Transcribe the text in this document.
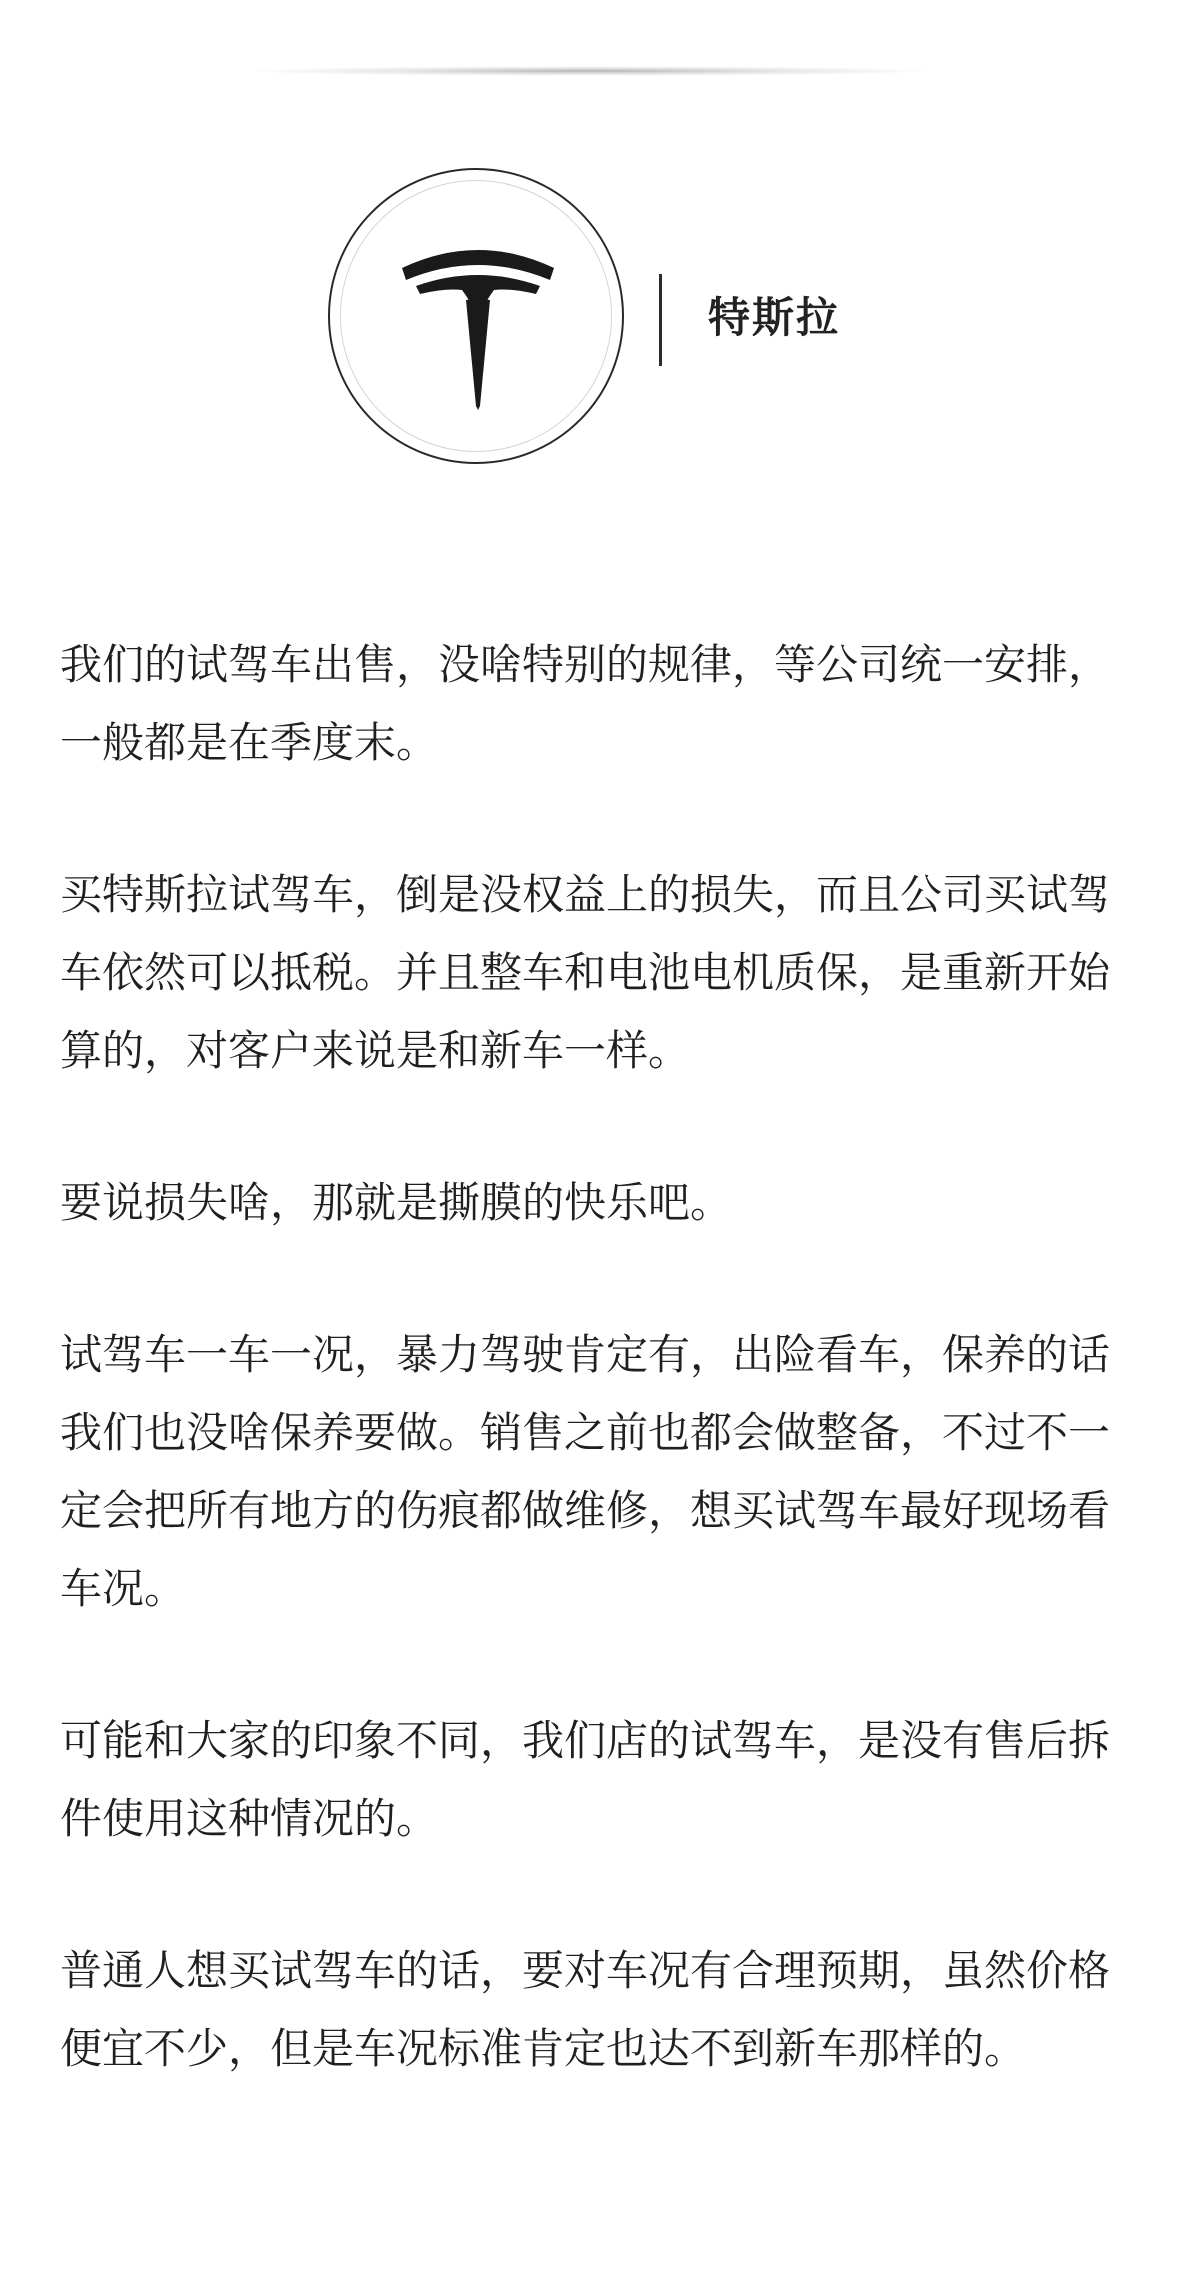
特斯拉

我们的试驾车出售，没啥特别的规律，等公司统一安排，一般都是在季度末。

买特斯拉试驾车，倒是没权益上的损失，而且公司买试驾车依然可以抵税。并且整车和电池电机质保，是重新开始算的，对客户来说是和新车一样。

要说损失啥，那就是撕膜的快乐吧。

试驾车一车一况，暴力驾驶肯定有，出险看车，保养的话我们也没啥保养要做。销售之前也都会做整备，不过不一定会把所有地方的伤痕都做维修，想买试驾车最好现场看车况。

可能和大家的印象不同，我们店的试驾车，是没有售后拆件使用这种情况的。

普通人想买试驾车的话，要对车况有合理预期，虽然价格便宜不少，但是车况标准肯定也达不到新车那样的。
